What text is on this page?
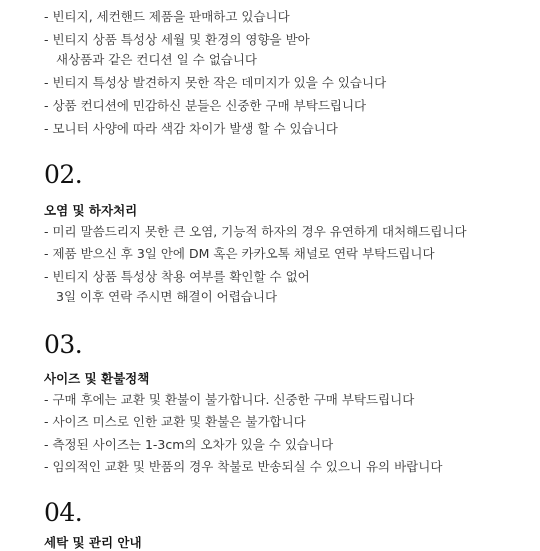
- 빈티지, 세컨핸드 제품을 판매하고 있습니다
- 빈티지 상품 특성상 세월 및 환경의 영향을 받아
새상품과 같은 컨디션 일 수 없습니다
- 빈티지 특성상 발견하지 못한 작은 데미지가 있을 수 있습니다
- 상품 컨디션에 민감하신 분들은 신중한 구매 부탁드립니다
- 모니터 사양에 따라 색감 차이가 발생 할 수 있습니다
02.
오염 및 하자처리
- 미리 말씀드리지 못한 큰 오염, 기능적 하자의 경우 유연하게 대처해드립니다
- 제품 받으신 후 3일 안에 DM 혹은 카카오톡 채널로 연락 부탁드립니다
- 빈티지 상품 특성상 착용 여부를 확인할 수 없어
3일 이후 연락 주시면 해결이 어렵습니다
03.
사이즈 및 환불정책
- 구매 후에는 교환 및 환불이 불가합니다. 신중한 구매 부탁드립니다
- 사이즈 미스로 인한 교환 및 환불은 불가합니다
- 측정된 사이즈는 1-3cm의 오차가 있을 수 있습니다
- 임의적인 교환 및 반품의 경우 착불로 반송되실 수 있으니 유의 바랍니다
04.
세탁 및 관리 안내
